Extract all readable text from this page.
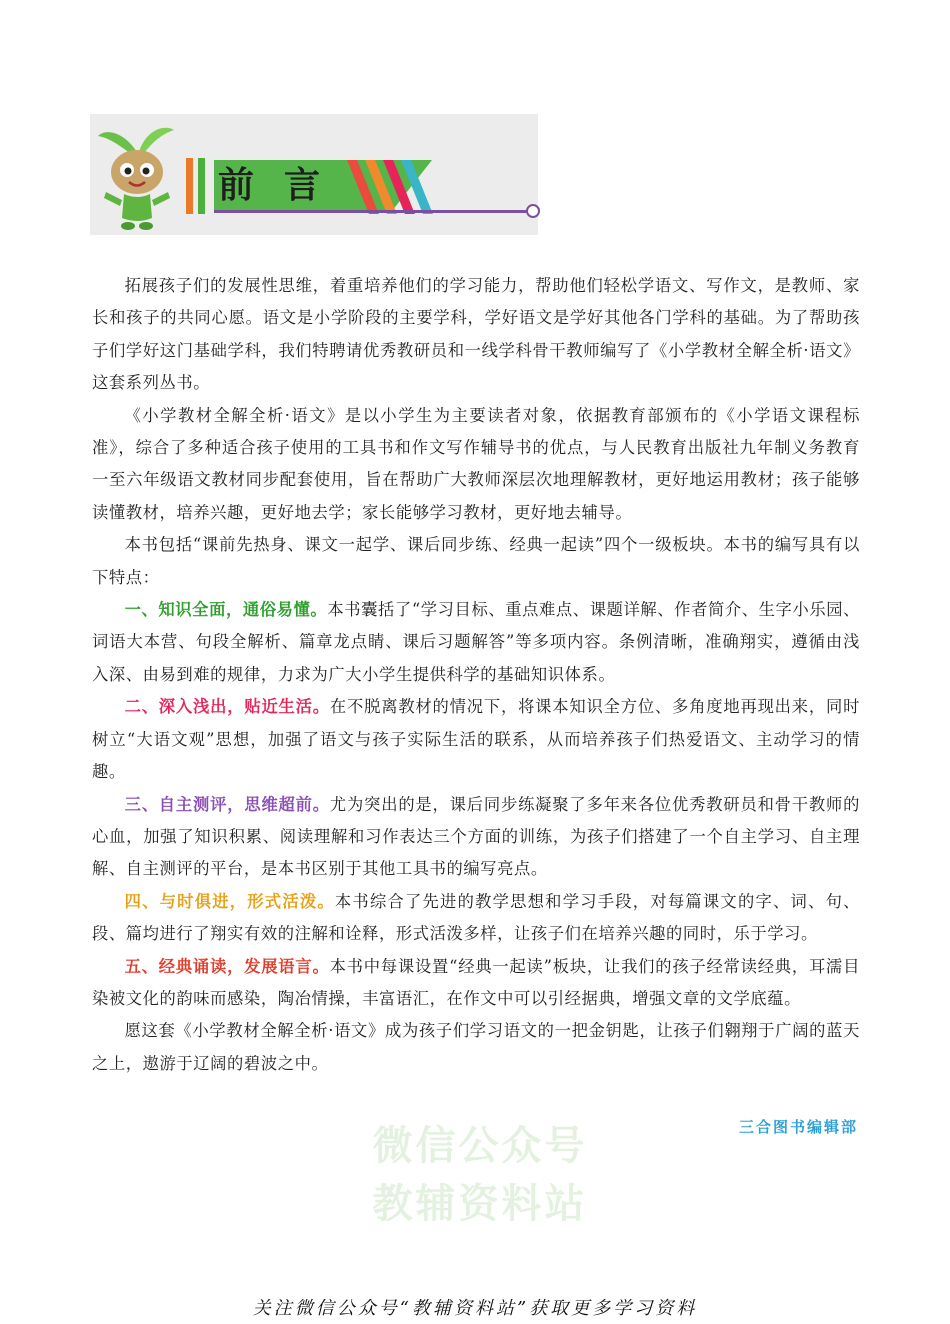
前言

拓展孩子们的发展性思维，着重培养他们的学习能力，帮助他们轻松学语文、写作文，是教师、家长和孩子的共同心愿。语文是小学阶段的主要学科，学好语文是学好其他各门学科的基础。为了帮助孩子们学好这门基础学科，我们特聘请优秀教研员和一线学科骨干教师编写了《小学教材全解全析·语文》这套系列丛书。

《小学教材全解全析·语文》是以小学生为主要读者对象，依据教育部颁布的《小学语文课程标准》，综合了多种适合孩子使用的工具书和作文写作辅导书的优点，与人民教育出版社九年制义务教育一至六年级语文教材同步配套使用，旨在帮助广大教师深层次地理解教材，更好地运用教材；孩子能够读懂教材，培养兴趣，更好地去学；家长能够学习教材，更好地去辅导。

本书包括“课前先热身、课文一起学、课后同步练、经典一起读”四个一级板块。本书的编写具有以下特点：

一、知识全面，通俗易懂。本书囊括了“学习目标、重点难点、课题详解、作者简介、生字小乐园、词语大本营、句段全解析、篇章龙点睛、课后习题解答”等多项内容。条例清晰，准确翔实，遵循由浅入深、由易到难的规律，力求为广大小学生提供科学的基础知识体系。

二、深入浅出，贴近生活。在不脱离教材的情况下，将课本知识全方位、多角度地再现出来，同时树立“大语文观”思想，加强了语文与孩子实际生活的联系，从而培养孩子们热爱语文、主动学习的情趣。

三、自主测评，思维超前。尤为突出的是，课后同步练凝聚了多年来各位优秀教研员和骨干教师的心血，加强了知识积累、阅读理解和习作表达三个方面的训练，为孩子们搭建了一个自主学习、自主理解、自主测评的平台，是本书区别于其他工具书的编写亮点。

四、与时俱进，形式活泼。本书综合了先进的教学思想和学习手段，对每篇课文的字、词、句、段、篇均进行了翔实有效的注解和诠释，形式活泼多样，让孩子们在培养兴趣的同时，乐于学习。

五、经典诵读，发展语言。本书中每课设置“经典一起读”板块，让我们的孩子经常读经典，耳濡目染被文化的韵味而感染，陶冶情操，丰富语汇，在作文中可以引经据典，增强文章的文学底蕴。

愿这套《小学教材全解全析·语文》成为孩子们学习语文的一把金钥匙，让孩子们翱翔于广阔的蓝天之上，遨游于辽阔的碧波之中。

微信公众号
教辅资料站
三合图书编辑部
关注微信公众号“教辅资料站”获取更多学习资料
